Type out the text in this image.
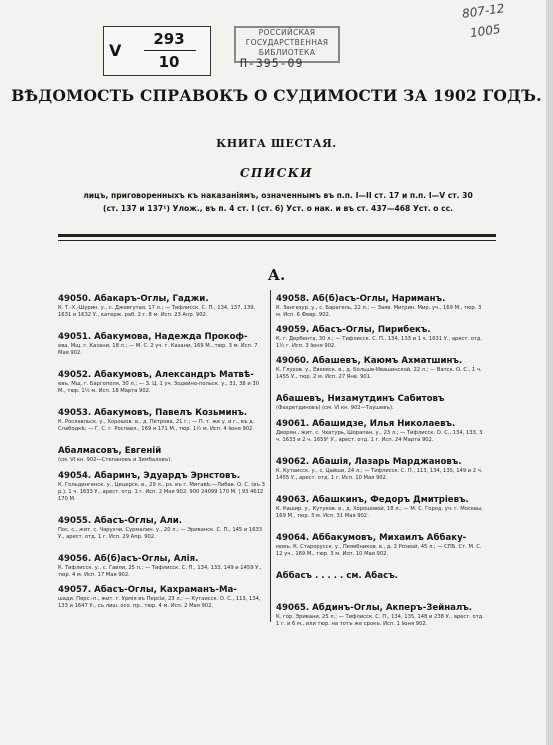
807-12
1005
V
293
10
РОССИЙСКАЯ
ГОСУДАРСТВЕННАЯ
БИБЛИОТЕКА
П-395-09
ВѢДОМОСТЬ СПРАВОКЪ О СУДИМОСТИ ЗА 1902 ГОДЪ.
КНИГА ШЕСТАЯ.
СПИСКИ
лицъ, приговоренныхъ къ наказаніямъ, означеннымъ въ п.п. I—II ст. 17 и п.п. I—V ст. 30
(ст. 137 и 137¹) Улож., въ п. 4 ст. I (ст. 6) Уст. о нак. и въ ст. 437—468 Уст. о сс.
А.
49050. Абакаръ-Оглы, Гаджи.
К. Т.-Х.-Шурин. у., с. Джевгутая, 17 л.; — Тифлисск. С. П., 134, 137, 139, 1631 и 1632 У., катерж. раб. 2 г. 8 м. Исп. 23 Апр. 902.
49051. Абакумова, Надежда Прокоф-
ева. Мщ. г. Казани, 18 л.; — М. С. 2 уч. г. Казани, 169 М., тюр. 3 м. Исп. 7 Мая 902.
49052. Абакумовъ, Александръ Матвѣ-
евъ. Мщ. г. Баргополя, 30 л.; — З. Ц. 1 уч. Зодейно-польск. у., 31, 38 и 30 М., тюр. 1½ м. Исп. 18 Марта 902.
49053. Абакумовъ, Павелъ Козьминъ.
К. Рославльск. у., Хорошов. в., д. Петрова, 21 г.; — П. т. же у. и г., въ д. Слабодкѣ; — Г. С. г. Рославл., 169 и 171 М., тюр. 1½ м. Исп. 4 Іюня 902.
Абалмасовъ, Евгеній
(см. VI кн. 902—Степановъ и Зимбаловъ).
49054. Абаринъ, Эдуардъ Эрнстовъ.
К. Гольдингенск. у., Цецерск. в., 29 л., рз. въ г. Митавѣ;—Либав. О. С. (въ 3 р.), 1 ч. 1633 У., арест. отд. 1 г. Исп. 2 Мая 902. 900 24099 170 М. | 93 4612 170 М.
49055. Абасъ-Оглы, Али.
Пос. с., жит. с. Чарухчи, Сурмалин. у., 20 л.; — Эриванск. С. П., 145 и 1633 У., арест. отд. 1 г. Исп. 29 Апр. 902.
49056. Аб(б)асъ-Оглы, Алія.
К. Тифлисск. у., с. Гавли, 25 л.; — Тифлисск. С. П., 134, 133, 149 и 1459 У., тюр. 4 м. Исп. 17 Мая 902.
49057. Абасъ-Оглы, Кахраманъ-Ма-
шади. Перс.-п., жит. г. Урмія въ Персіи, 23 л.; — Кутаисск. О. С., 113, 134, 133 и 1647 У., съ лиш. осо. пр., тюр. 4 м. Исп. 2 Мая 902.
49058. Аб(б)асъ-Оглы, Нариманъ.
К. Зангезур. у., с. Барагель, 22 л.; — Заяв. Мигрин. Мир. уч., 169 М., тюр. 3 м. Исп. 6 Февр. 902.
49059. Абасъ-Оглы, Пирибекъ.
К. г. Дербента, 30 л.; — Тифлисск. С. П., 134, 133 и 1 ч. 1631 У., арест. отд. 1½ г. Исп. 3 Іюня 902.
49060. Абашевъ, Каюмъ Ахматшинъ.
К. Глухов. у., Евеевск. в., д. Больше-Ивашинской, 22 л.; — Ватск. О. С., 1 ч. 1455 У., тюр. 2 м. Исп. 27 Янв. 901.
Абашевъ, Низамутдинъ Сабитовъ
(Фахретдиновъ) (см. VI кн. 902—Таушевъ).
49061. Абашидзе, Илья Николаевъ.
Дворян., жит. с. Чхатурь, Шорапан. у., 23 л.; — Тифлисск. О. С., 134, 133, 3 ч. 1633 и 2 ч. 1659¹ У., арест. отд. 1 г. Исп. 24 Марта 902.
49062. Абашія, Лазарь Марджановъ.
К. Кутаисск. у., с. Цайши, 24 л.; — Тифлисск. С. П., 113, 134, 135, 149 и 2 ч. 1455 У., арест. отд. 1 г. Исп. 10 Мая 902.
49063. Абашкинъ, Федоръ Дмитріевъ.
К. Кашир. у., Кутуков. в., д. Хорошовой, 18 л.; — М. С. Город. уч. г. Москвы, 169 М., тюр. 3 м. Исп. 31 Мая 902.
49064. Аббакумовъ, Михаилъ Аббаку-
мовъ. К. Старорусск. у., Пеяебников. в., д. 2 Розвой, 45 л.; — СПБ. Ст. М. С. 12 уч., 169 М., тюр. 3 м. Исп. 10 Мая 902.
Аббасъ . . . . . см. Абасъ.
49065. Абдинъ-Оглы, Акперъ-Зейналъ.
К. гор. Эривани, 25 л.; — Тифлисск. С. П., 134, 135, 148 и 238 У., арест. отд. 1 г. и 6 м., или тюр. на тотъ же срокъ. Исп. 1 Іюня 902.
